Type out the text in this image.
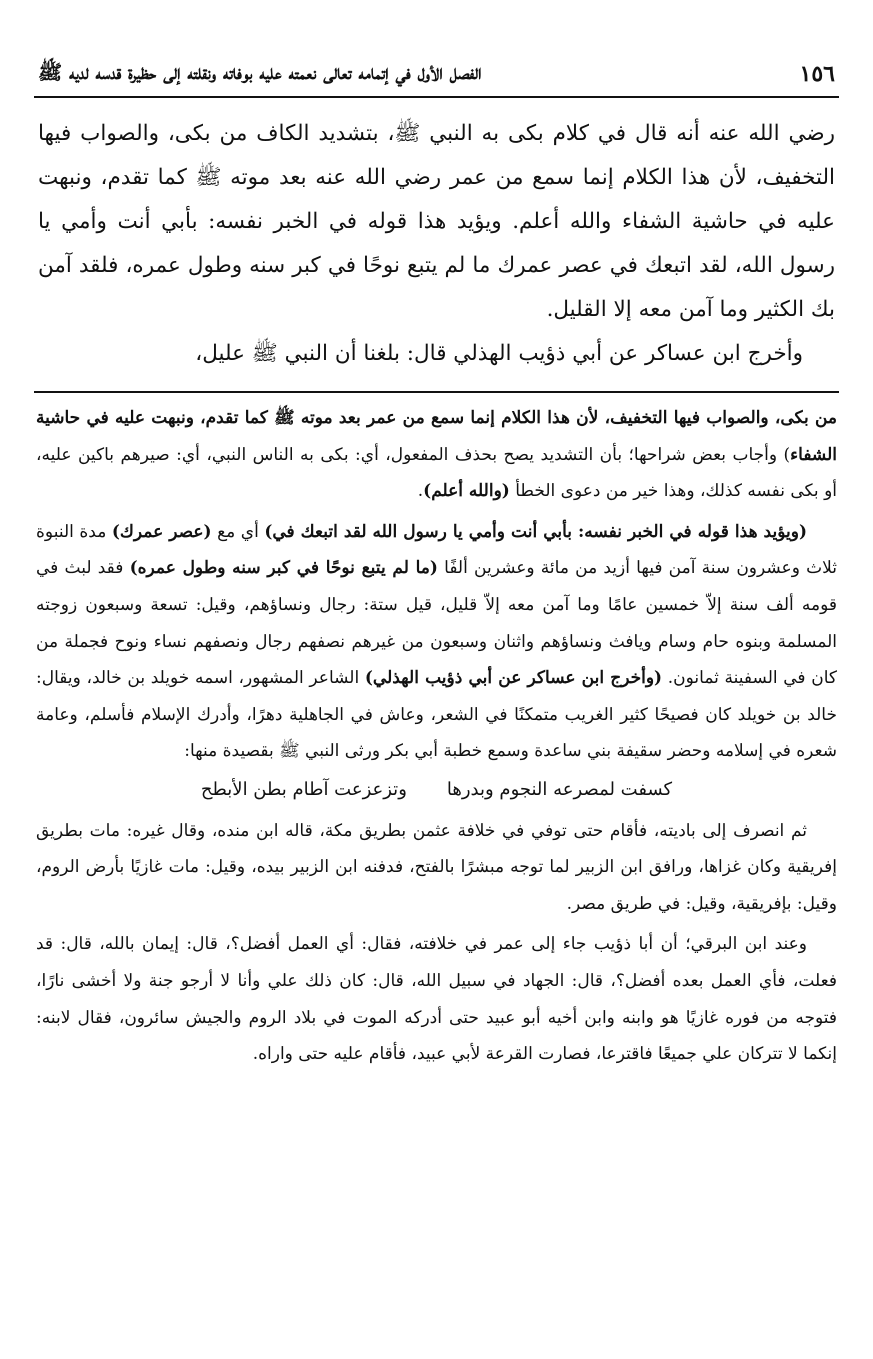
١٥٦
الفصل الأول في إتمامه تعالى نعمته عليه بوفاته ونقلته إلى حظيرة قدسه لديه ﷺ

رضي الله عنه أنه قال في كلام بكى به النبي ﷺ، بتشديد الكاف من بكى، والصواب فيها التخفيف، لأن هذا الكلام إنما سمع من عمر رضي الله عنه بعد موته ﷺ كما تقدم، ونبهت عليه في حاشية الشفاء والله أعلم. ويؤيد هذا قوله في الخبر نفسه: بأبي أنت وأمي يا رسول الله، لقد اتبعك في عصر عمرك ما لم يتبع نوحًا في كبر سنه وطول عمره، فلقد آمن بك الكثير وما آمن معه إلا القليل.

وأخرج ابن عساكر عن أبي ذؤيب الهذلي قال: بلغنا أن النبي ﷺ عليل،

من بكى، والصواب فيها التخفيف، لأن هذا الكلام إنما سمع من عمر بعد موته ﷺ كما تقدم، ونبهت عليه في حاشية الشفاء) وأجاب بعض شراحها؛ بأن التشديد يصح بحذف المفعول، أي: بكى به الناس النبي، أي: صيرهم باكين عليه، أو بكى نفسه كذلك، وهذا خير من دعوى الخطأ (والله أعلم).

(ويؤيد هذا قوله في الخبر نفسه: بأبي أنت وأمي يا رسول الله لقد اتبعك في) أي مع (عصر عمرك) مدة النبوة ثلاث وعشرون سنة آمن فيها أزيد من مائة وعشرين ألفًا (ما لم يتبع نوحًا في كبر سنه وطول عمره) فقد لبث في قومه ألف سنة إلاّ خمسين عامًا وما آمن معه إلاّ قليل، قيل ستة: رجال ونساؤهم، وقيل: تسعة وسبعون زوجته المسلمة وبنوه حام وسام ويافث ونساؤهم واثنان وسبعون من غيرهم نصفهم رجال ونصفهم نساء ونوح فجملة من كان في السفينة ثمانون. (وأخرج ابن عساكر عن أبي ذؤيب الهذلي) الشاعر المشهور، اسمه خويلد بن خالد، ويقال: خالد بن خويلد كان فصيحًا كثير الغريب متمكنًا في الشعر، وعاش في الجاهلية دهرًا، وأدرك الإسلام فأسلم، وعامة شعره في إسلامه وحضر سقيفة بني ساعدة وسمع خطبة أبي بكر ورثى النبي ﷺ بقصيدة منها:

كسفت لمصرعه النجوم وبدرها
وتزعزعت آطام بطن الأبطح

ثم انصرف إلى باديته، فأقام حتى توفي في خلافة عثمن بطريق مكة، قاله ابن منده، وقال غيره: مات بطريق إفريقية وكان غزاها، ورافق ابن الزبير لما توجه مبشرًا بالفتح، فدفنه ابن الزبير بيده، وقيل: مات غازيًا بأرض الروم، وقيل: بإفريقية، وقيل: في طريق مصر.

وعند ابن البرقي؛ أن أبا ذؤيب جاء إلى عمر في خلافته، فقال: أي العمل أفضل؟، قال: إيمان بالله، قال: قد فعلت، فأي العمل بعده أفضل؟، قال: الجهاد في سبيل الله، قال: كان ذلك علي وأنا لا أرجو جنة ولا أخشى نارًا، فتوجه من فوره غازيًا هو وابنه وابن أخيه أبو عبيد حتى أدركه الموت في بلاد الروم والجيش سائرون، فقال لابنه: إنكما لا تتركان علي جميعًا فاقترعا، فصارت القرعة لأبي عبيد، فأقام عليه حتى واراه.
